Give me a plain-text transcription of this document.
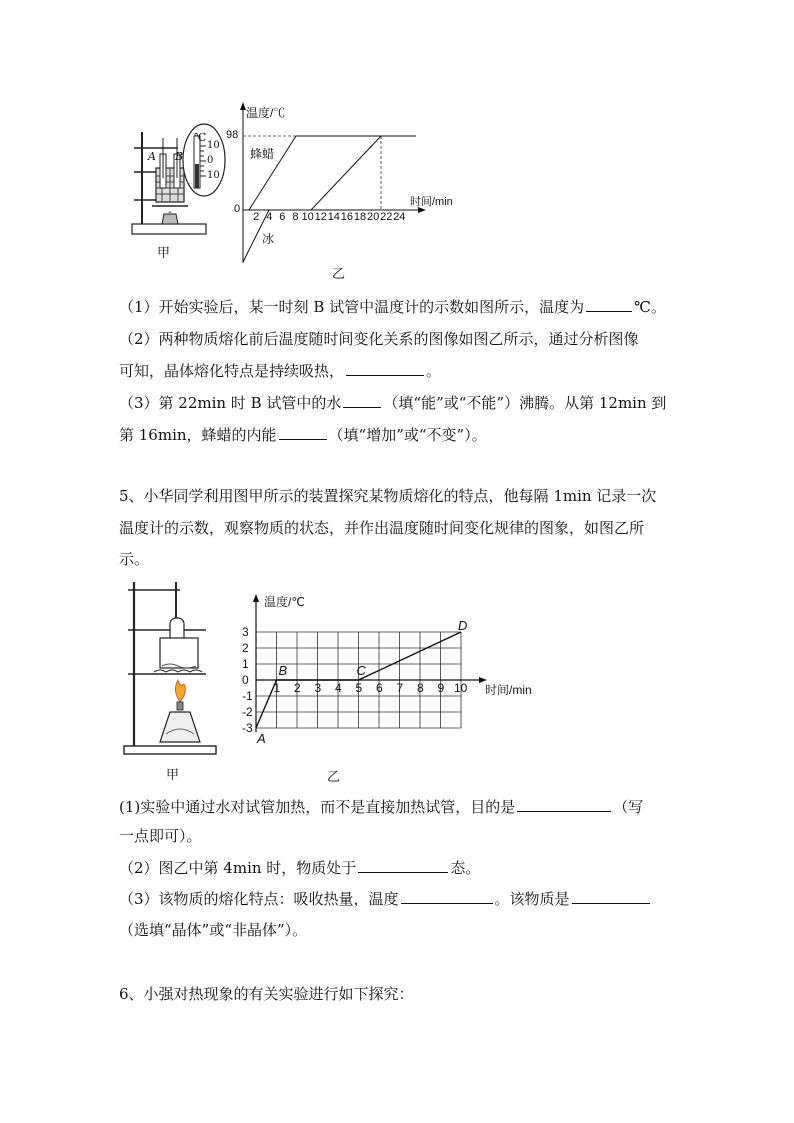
A B
℃
10
0
10
甲
温度/℃
时间/min
98
0
2 4 6 8 10 12 14 16 18 20 22 24
蜂蜡
冰
乙
（1）开始实验后，某一时刻 B 试管中温度计的示数如图所示，温度为	℃。
（2）两种物质熔化前后温度随时间变化关系的图像如图乙所示，通过分析图像
可知，晶体熔化特点是持续吸热，	。
（3）第 22min 时 B 试管中的水	（填“能”或“不能”）沸腾。从第 12min 到
第 16min，蜂蜡的内能	（填“增加”或“不变”）。
5、小华同学利用图甲所示的装置探究某物质熔化的特点，他每隔 1min 记录一次
温度计的示数，观察物质的状态，并作出温度随时间变化规律的图象，如图乙所
示。
甲
3
2
1
0
-1
-2
-3
1 2 3 4 5 6 7 8 9 10
温度/℃
时间/min
A
B	C
D
乙
(1)实验中通过水对试管加热，而不是直接加热试管，目的是	（写
一点即可）。
（2）图乙中第 4min 时，物质处于	态。
（3）该物质的熔化特点：吸收热量，温度	。该物质是
（选填“晶体”或“非晶体”）。
6、小强对热现象的有关实验进行如下探究：
